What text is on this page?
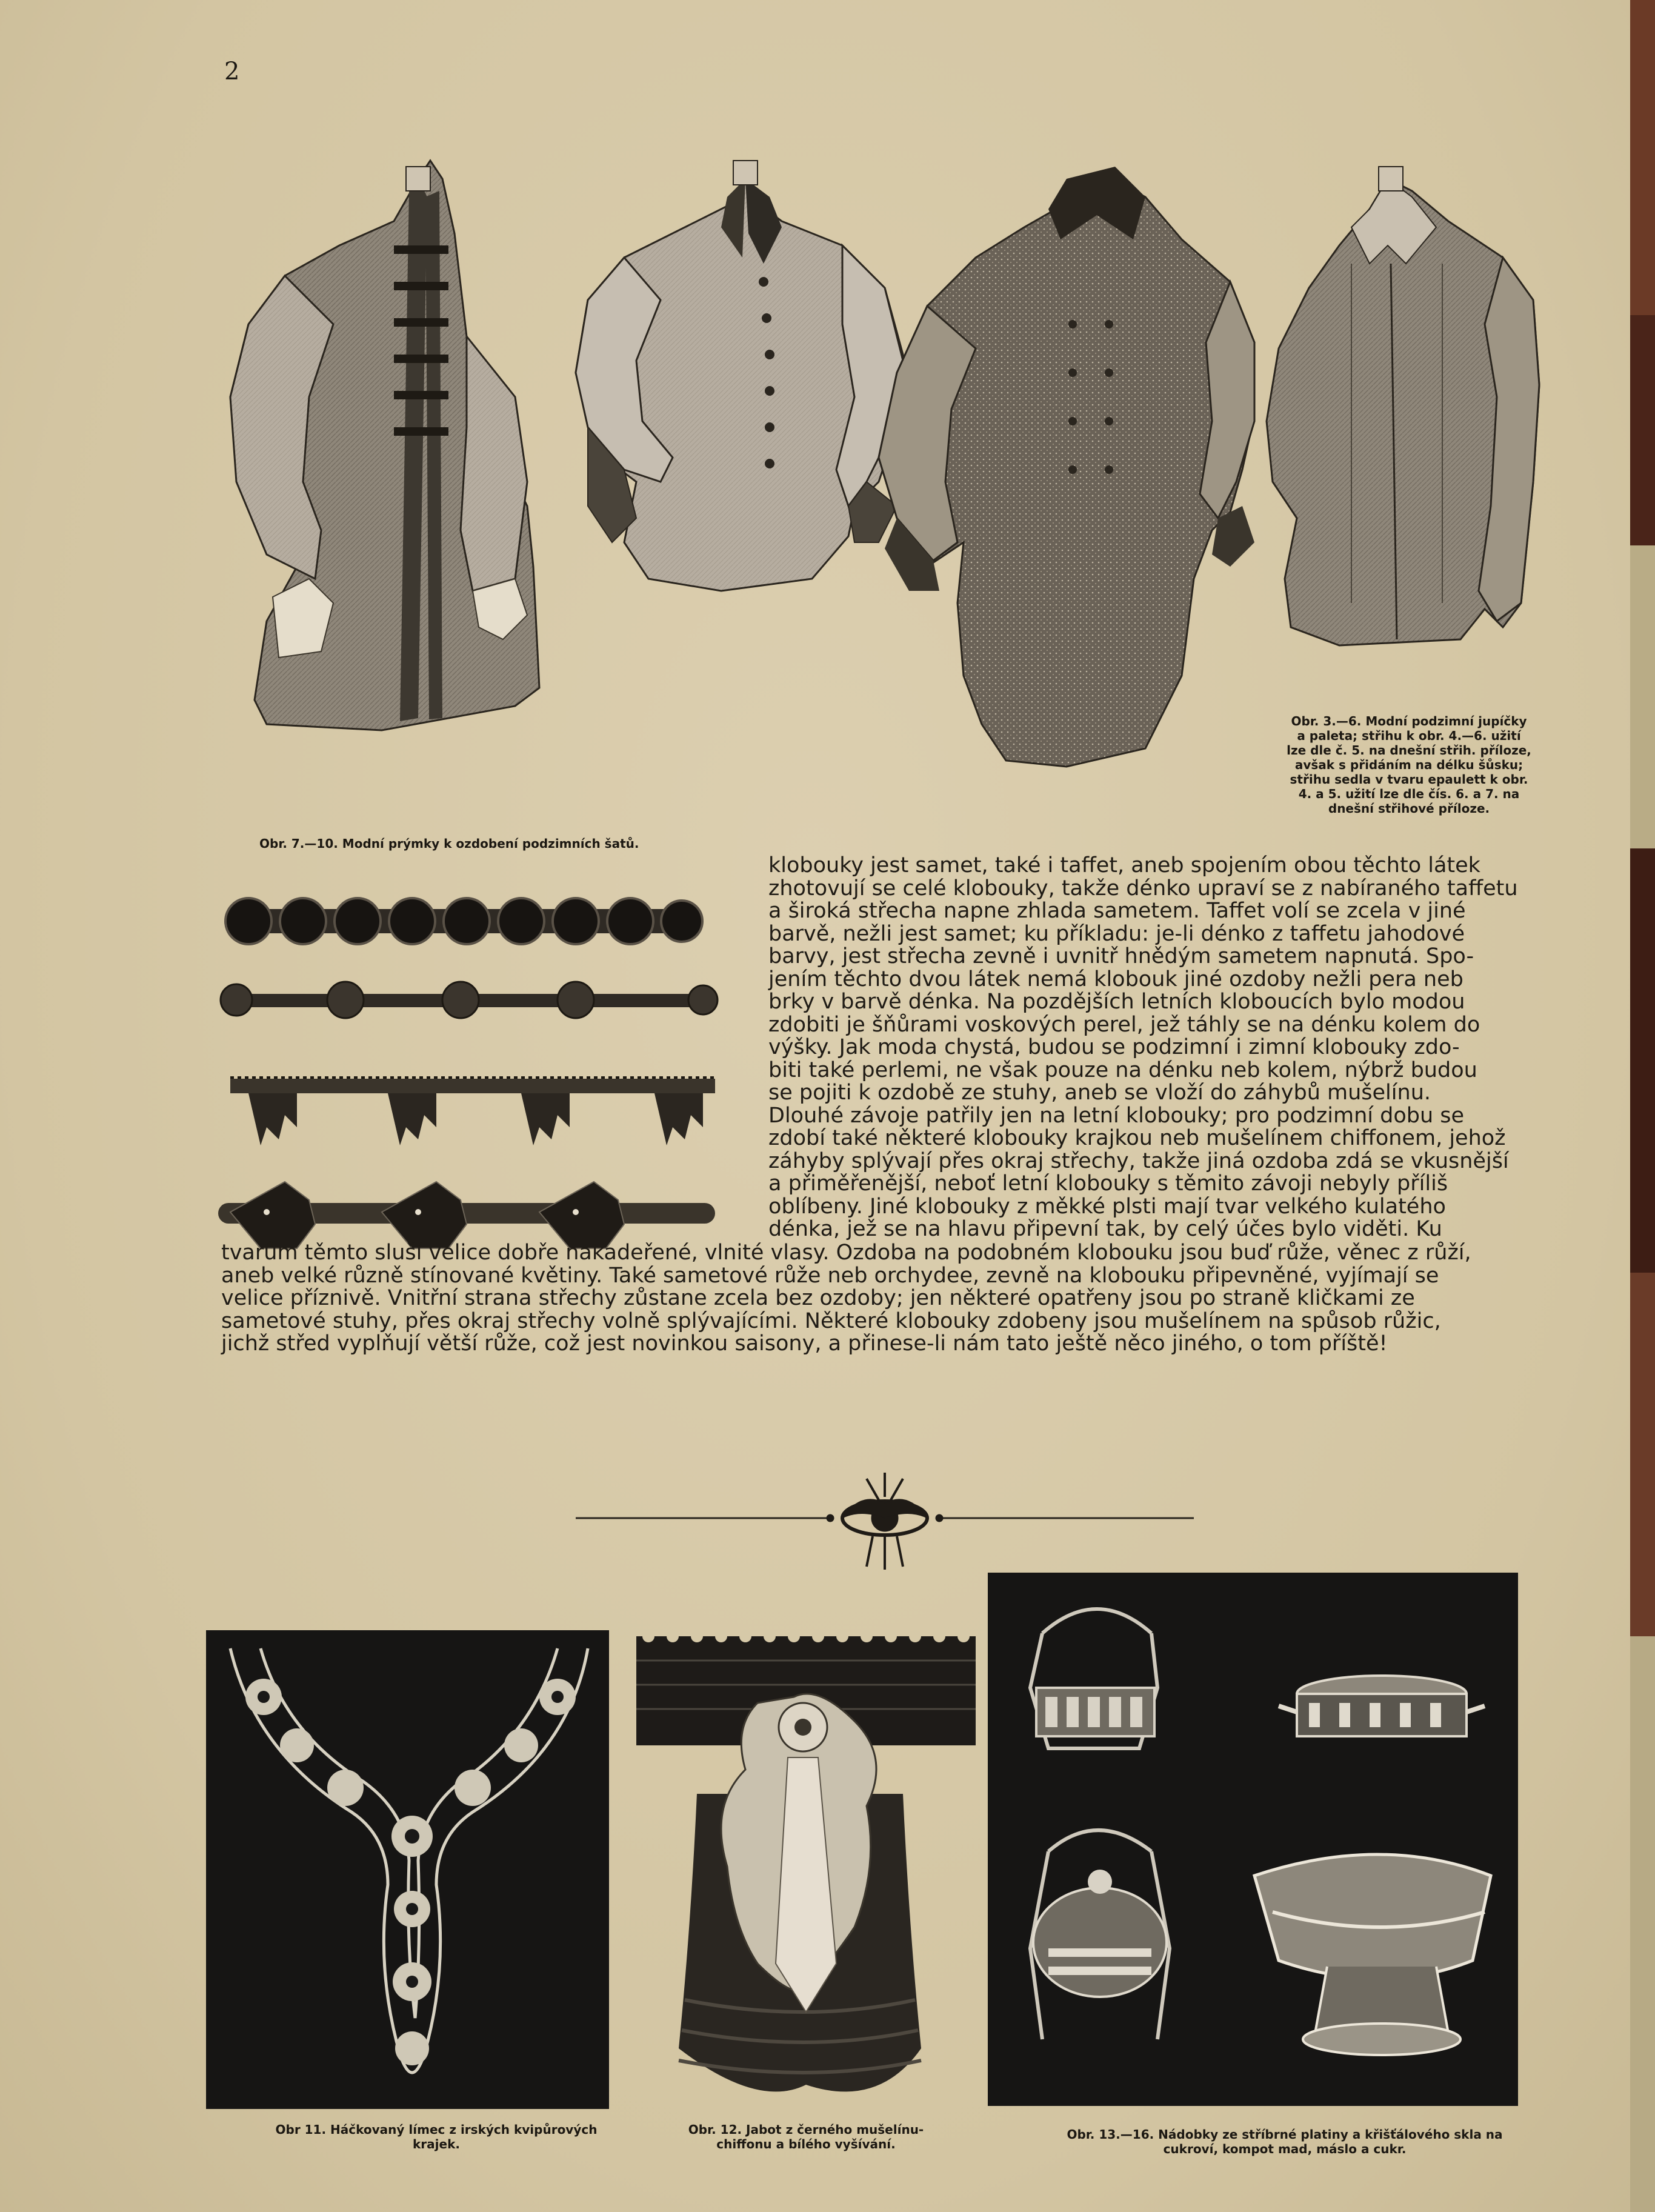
2
Obr. 3.—6. Modní podzimní jupíčky
a paleta; střihu k obr. 4.—6. užití
lze dle č. 5. na dnešní střih. příloze,
avšak s přidáním na délku šůsku;
střihu sedla v tvaru epaulett k obr.
4. a 5. užití lze dle čís. 6. a 7. na
dnešní střihové příloze.
Obr. 7.—10. Modní prýmky k ozdobení podzimních šatů.
klobouky jest samet, také i taffet, aneb spojením obou těchto látek
zhotovují se celé klobouky, takže dénko upraví se z nabíraného taffetu
a široká střecha napne zhlada sametem. Taffet volí se zcela v jiné
barvě, nežli jest samet; ku příkladu: je-li dénko z taffetu jahodové
barvy, jest střecha zevně i uvnitř hnědým sametem napnutá. Spo-
jením těchto dvou látek nemá klobouk jiné ozdoby nežli pera neb
brky v barvě dénka. Na pozdějších letních kloboucích bylo modou
zdobiti je šňůrami voskových perel, jež táhly se na dénku kolem do
výšky. Jak moda chystá, budou se podzimní i zimní klobouky zdo-
biti také perlemi, ne však pouze na dénku neb kolem, nýbrž budou
se pojiti k ozdobě ze stuhy, aneb se vloží do záhybů mušelínu.
Dlouhé závoje patřily jen na letní klobouky; pro podzimní dobu se
zdobí také některé klobouky krajkou neb mušelínem chiffonem, jehož
záhyby splývají přes okraj střechy, takže jiná ozdoba zdá se vkusnější
a přiměřenější, neboť letní klobouky s těmito závoji nebyly příliš
oblíbeny. Jiné klobouky z měkké plsti mají tvar velkého kulatého
dénka, jež se na hlavu připevní tak, by celý účes bylo viděti. Ku
tvarům těmto sluší velice dobře nakadeřené, vlnité vlasy. Ozdoba na podobném klobouku jsou buď růže, věnec z růží,
aneb velké různě stínované květiny. Také sametové růže neb orchydee, zevně na klobouku připevněné, vyjímají se
velice příznivě. Vnitřní strana střechy zůstane zcela bez ozdoby; jen některé opatřeny jsou po straně kličkami ze
sametové stuhy, přes okraj střechy volně splývajícími. Některé klobouky zdobeny jsou mušelínem na spůsob růžic,
jichž střed vyplňují větší růže, což jest novinkou saisony, a přinese-li nám tato ještě něco jiného, o tom příště!
Obr 11. Háčkovaný límec z irských kvipůrových
krajek.
Obr. 12. Jabot z černého mušelínu-
chiffonu a bílého vyšívání.
Obr. 13.—16. Nádobky ze stříbrné platiny a křišťálového skla na
cukroví, kompot mad, máslo a cukr.
